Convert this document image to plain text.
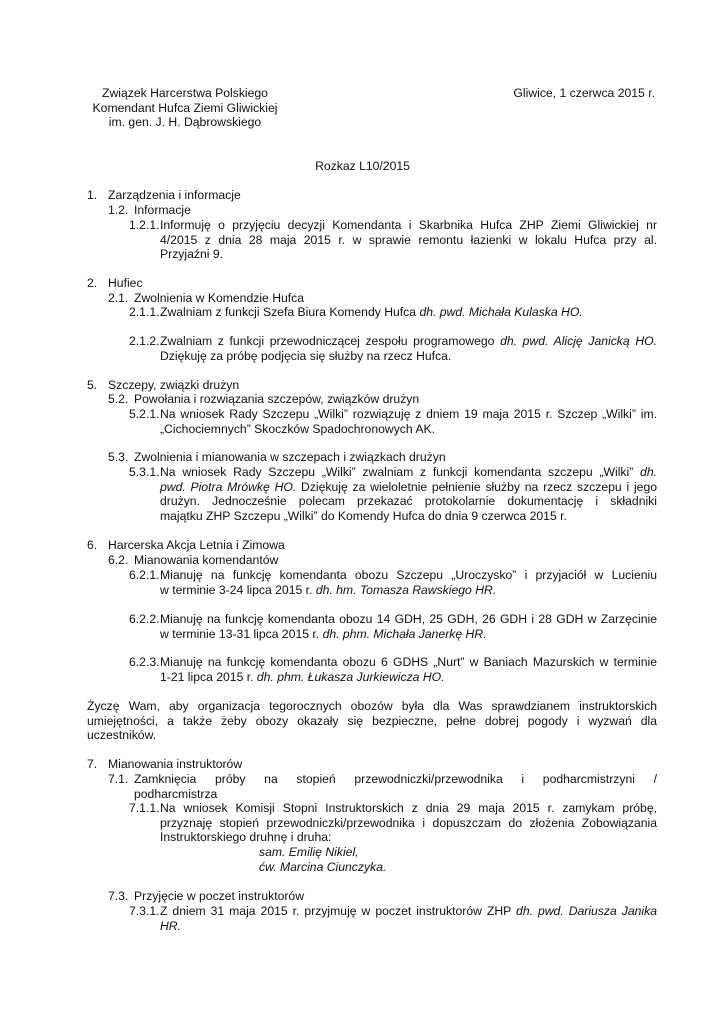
Związek Harcerstwa Polskiego
Komendant Hufca Ziemi Gliwickiej
im. gen. J. H. Dąbrowskiego
Gliwice, 1 czerwca 2015 r.
Rozkaz L10/2015
1. Zarządzenia i informacje
1.2. Informacje
1.2.1. Informuję o przyjęciu decyzji Komendanta i Skarbnika Hufca ZHP Ziemi Gliwickiej nr
4/2015 z dnia 28 maja 2015 r. w sprawie remontu łazienki w lokalu Hufca przy al.
Przyjaźni 9.
2. Hufiec
2.1. Zwolnienia w Komendzie Hufca
2.1.1. Zwalniam z funkcji Szefa Biura Komendy Hufca dh. pwd. Michała Kulaska HO.
2.1.2. Zwalniam z funkcji przewodniczącej zespołu programowego dh. pwd. Alicję Janicką HO.
Dziękuję za próbę podjęcia się służby na rzecz Hufca.
5. Szczepy, związki drużyn
5.2. Powołania i rozwiązania szczepów, związków drużyn
5.2.1. Na wniosek Rady Szczepu „Wilki” rozwiązuję z dniem 19 maja 2015 r. Szczep „Wilki” im.
„Cichociemnych” Skoczków Spadochronowych AK.
5.3. Zwolnienia i mianowania w szczepach i związkach drużyn
5.3.1. Na wniosek Rady Szczepu „Wilki” zwalniam z funkcji komendanta szczepu „Wilki” dh.
pwd. Piotra Mrówkę HO. Dziękuję za wieloletnie pełnienie służby na rzecz szczepu i jego
drużyn. Jednocześnie polecam przekazać protokolarnie dokumentację i składniki
majątku ZHP Szczepu „Wilki” do Komendy Hufca do dnia 9 czerwca 2015 r.
6. Harcerska Akcja Letnia i Zimowa
6.2. Mianowania komendantów
6.2.1. Mianuję na funkcję komendanta obozu Szczepu „Uroczysko” i przyjaciół w Lucieniu
w terminie 3-24 lipca 2015 r. dh. hm. Tomasza Rawskiego HR.
6.2.2. Mianuję na funkcję komendanta obozu 14 GDH, 25 GDH, 26 GDH i 28 GDH w Zarzęcinie
w terminie 13-31 lipca 2015 r. dh. phm. Michała Janerkę HR.
6.2.3. Mianuję na funkcję komendanta obozu 6 GDHS „Nurt” w Baniach Mazurskich w terminie
1-21 lipca 2015 r. dh. phm. Łukasza Jurkiewicza HO.
Życzę Wam, aby organizacja tegorocznych obozów była dla Was sprawdzianem instruktorskich
umiejętności, a także żeby obozy okazały się bezpieczne, pełne dobrej pogody i wyzwań dla
uczestników.
7. Mianowania instruktorów
7.1. Zamknięcia próby na stopień przewodniczki/przewodnika i podharcmistrzyni /
podharcmistrza
7.1.1. Na wniosek Komisji Stopni Instruktorskich z dnia 29 maja 2015 r. zamykam próbę,
przyznaję stopień przewodniczki/przewodnika i dopuszczam do złożenia Zobowiązania
Instruktorskiego druhnę i druha:
sam. Emilię Nikiel,
ćw. Marcina Ciunczyka.
7.3. Przyjęcie w poczet instruktorów
7.3.1. Z dniem 31 maja 2015 r. przyjmuję w poczet instruktorów ZHP dh. pwd. Dariusza Janika
HR.
